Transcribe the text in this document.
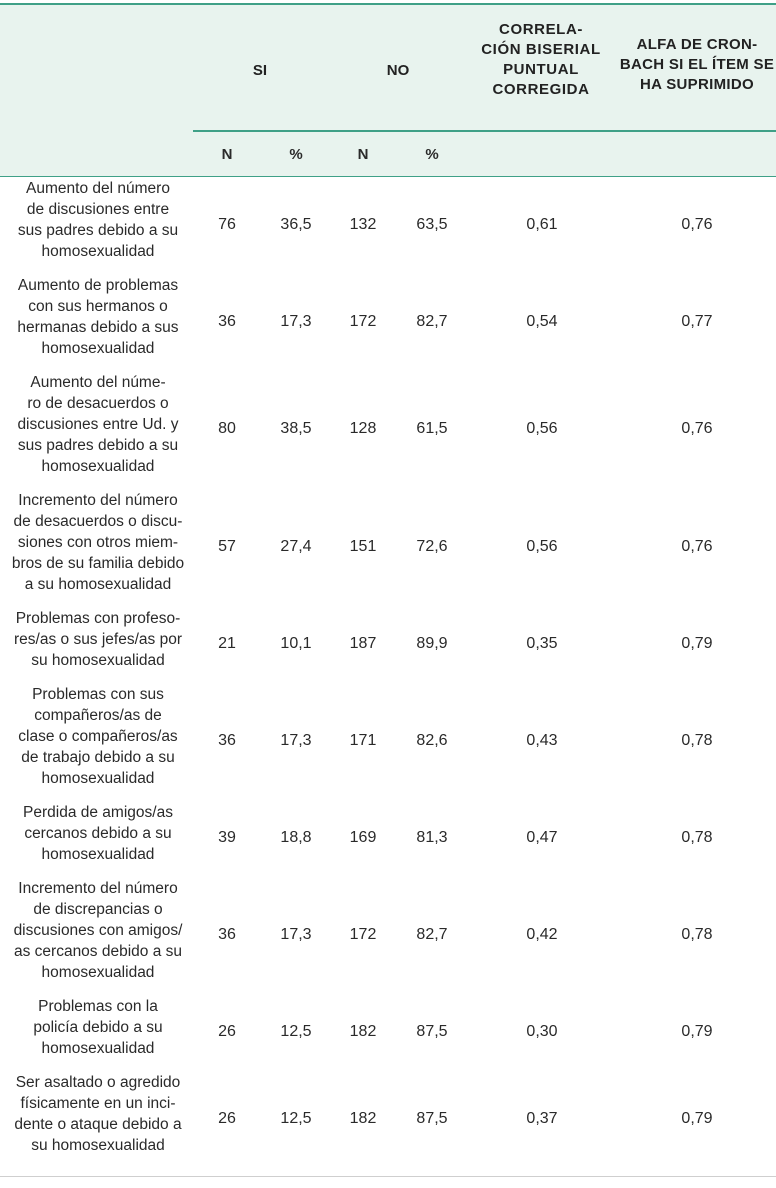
SI	NO
CORRELA-
CIÓN BISERIAL
PUNTUAL
CORREGIDA
ALFA DE CRON-
BACH SI EL ÍTEM SE
HA SUPRIMIDO
N	%	N	%
Aumento del número
de discusiones entre
sus padres debido a su
homosexualidad
76	36,5	132	63,5	0,61	0,76
Aumento de problemas
con sus hermanos o
hermanas debido a sus
homosexualidad
36	17,3	172	82,7	0,54	0,77
Aumento del núme-
ro de desacuerdos o
discusiones entre Ud. y
sus padres debido a su
homosexualidad
80	38,5	128	61,5	0,56	0,76
Incremento del número
de desacuerdos o discu-
siones con otros miem-
bros de su familia debido
a su homosexualidad
57	27,4	151	72,6	0,56	0,76
Problemas con profeso-
res/as o sus jefes/as por
su homosexualidad
21	10,1	187	89,9	0,35	0,79
Problemas con sus
compañeros/as de
clase o compañeros/as
de trabajo debido a su
homosexualidad
36	17,3	171	82,6	0,43	0,78
Perdida de amigos/as
cercanos debido a su
homosexualidad
39	18,8	169	81,3	0,47	0,78
Incremento del número
de discrepancias o
discusiones con amigos/
as cercanos debido a su
homosexualidad
36	17,3	172	82,7	0,42	0,78
Problemas con la
policía debido a su
homosexualidad
26	12,5	182	87,5	0,30	0,79
Ser asaltado o agredido
físicamente en un inci-
dente o ataque debido a
su homosexualidad
26	12,5	182	87,5	0,37	0,79
